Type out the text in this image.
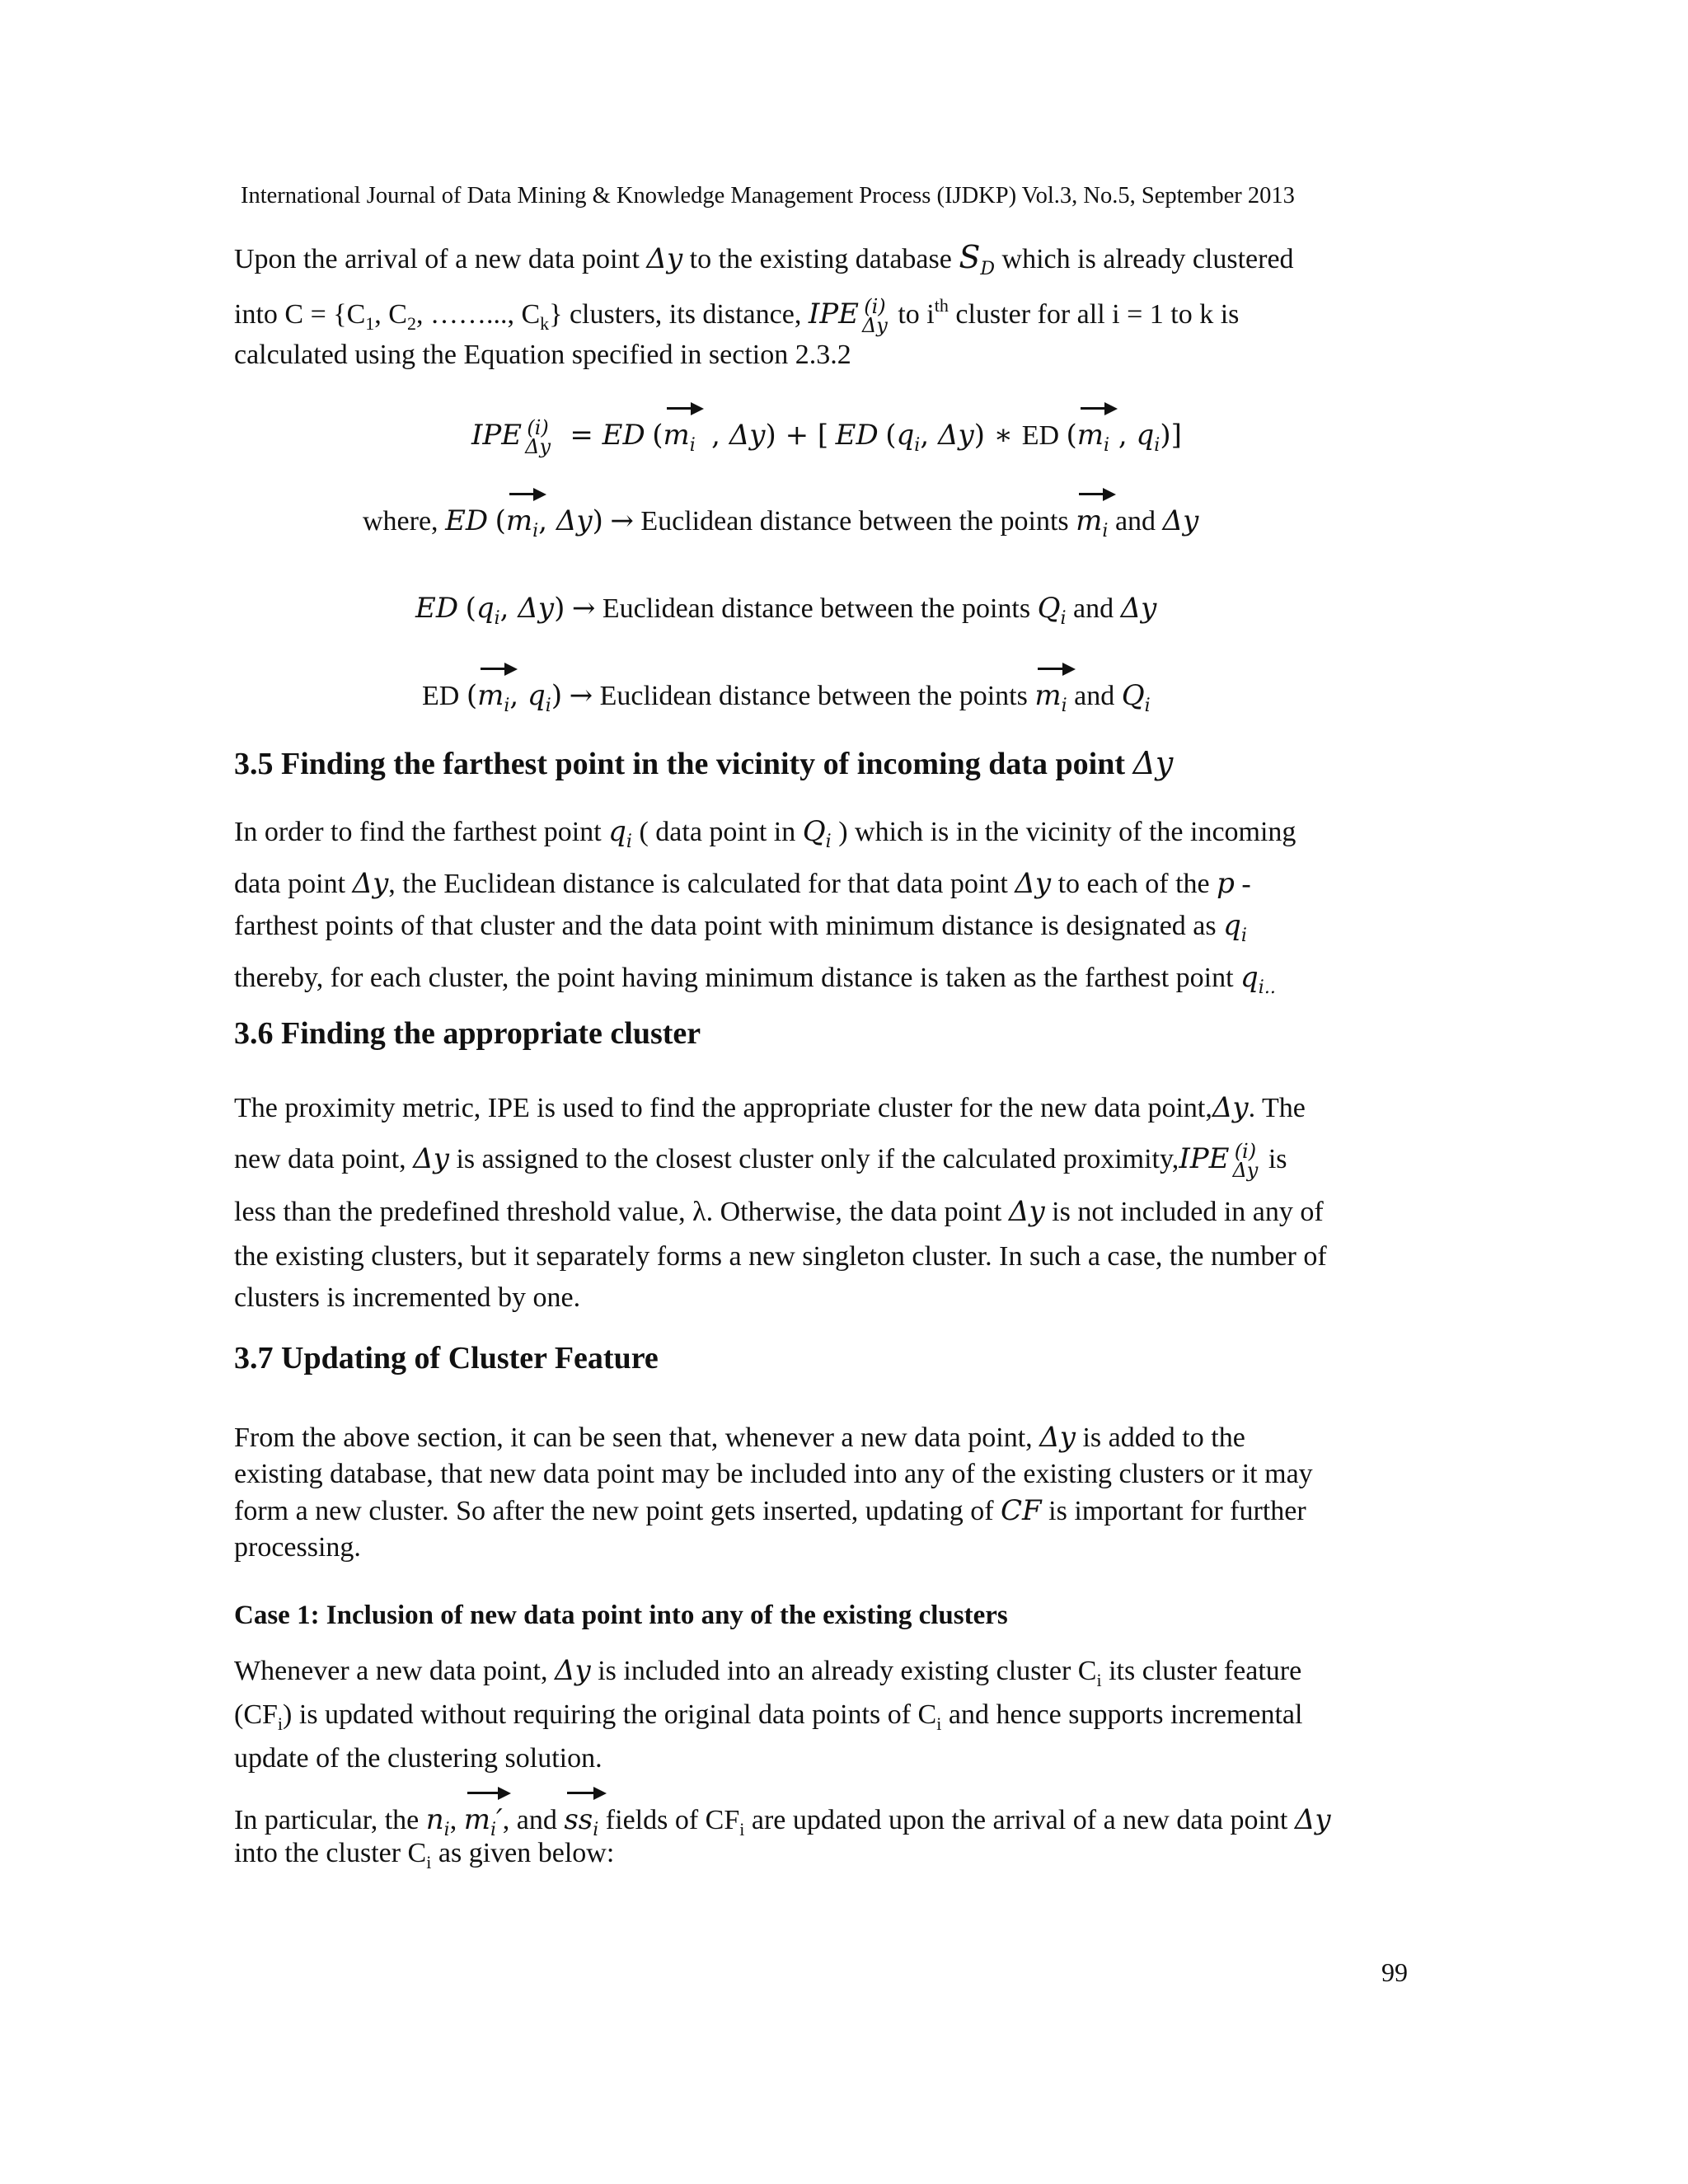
International Journal of Data Mining & Knowledge Management Process (IJDKP) Vol.3, No.5, September 2013
Upon the arrival of a new data point Δy to the existing database $S_D$ which is already clustered
into $C = \{C_1$, $C_2$, ……..., $C_k$} clusters, its distance, IPE (i)
Δy to $i^{th}$ cluster for all i = 1 to k is
calculated using the Equation specified in section 2.3.2
IPE (i)
Δy  = ED ($m_i$  , Δy) + [ ED ($q_i$, Δy) ∗ ED ($m_i$ , $q_i$)]
where, ED ($m_i$, Δy) → Euclidean distance between the points $m_i$ and Δy
ED ($q_i$, Δy) → Euclidean distance between the points $Q_i$ and Δy
ED ($m_i$, $q_i$) → Euclidean distance between the points $m_i$ and $Q_i$
3.5 Finding the farthest point in the vicinity of incoming data point Δy
In order to find the farthest point $q_i$ ( data point in $Q_i$ ) which is in the vicinity of the incoming
data point Δy, the Euclidean distance is calculated for that data point Δy to each of the p -
farthest points of that cluster and the data point with minimum distance is designated as $q_i$
thereby, for each cluster, the point having minimum distance is taken as the farthest point $q_{i..}$
3.6 Finding the appropriate cluster
The proximity metric, IPE is used to find the appropriate cluster for the new data point,Δy. The
new data point, Δy is assigned to the closest cluster only if the calculated proximity,IPE (i)
Δy is
less than the predefined threshold value, λ. Otherwise, the data point Δy is not included in any of
the existing clusters, but it separately forms a new singleton cluster. In such a case, the number of
clusters is incremented by one.
3.7 Updating of Cluster Feature
From the above section, it can be seen that, whenever a new data point, Δy is added to the
existing database, that new data point may be included into any of the existing clusters or it may
form a new cluster. So after the new point gets inserted, updating of CF is important for further
processing.
Case 1: Inclusion of new data point into any of the existing clusters
Whenever a new data point, Δy is included into an already existing cluster $C_i$ its cluster feature
$(CF_i)$ is updated without requiring the original data points of $C_i$ and hence supports incremental
update of the clustering solution.
In particular, the $n_i$, $m_i'$, and $ss_i$ fields of $CF_i$ are updated upon the arrival of a new data point Δy
into the cluster $C_i$ as given below:
99
